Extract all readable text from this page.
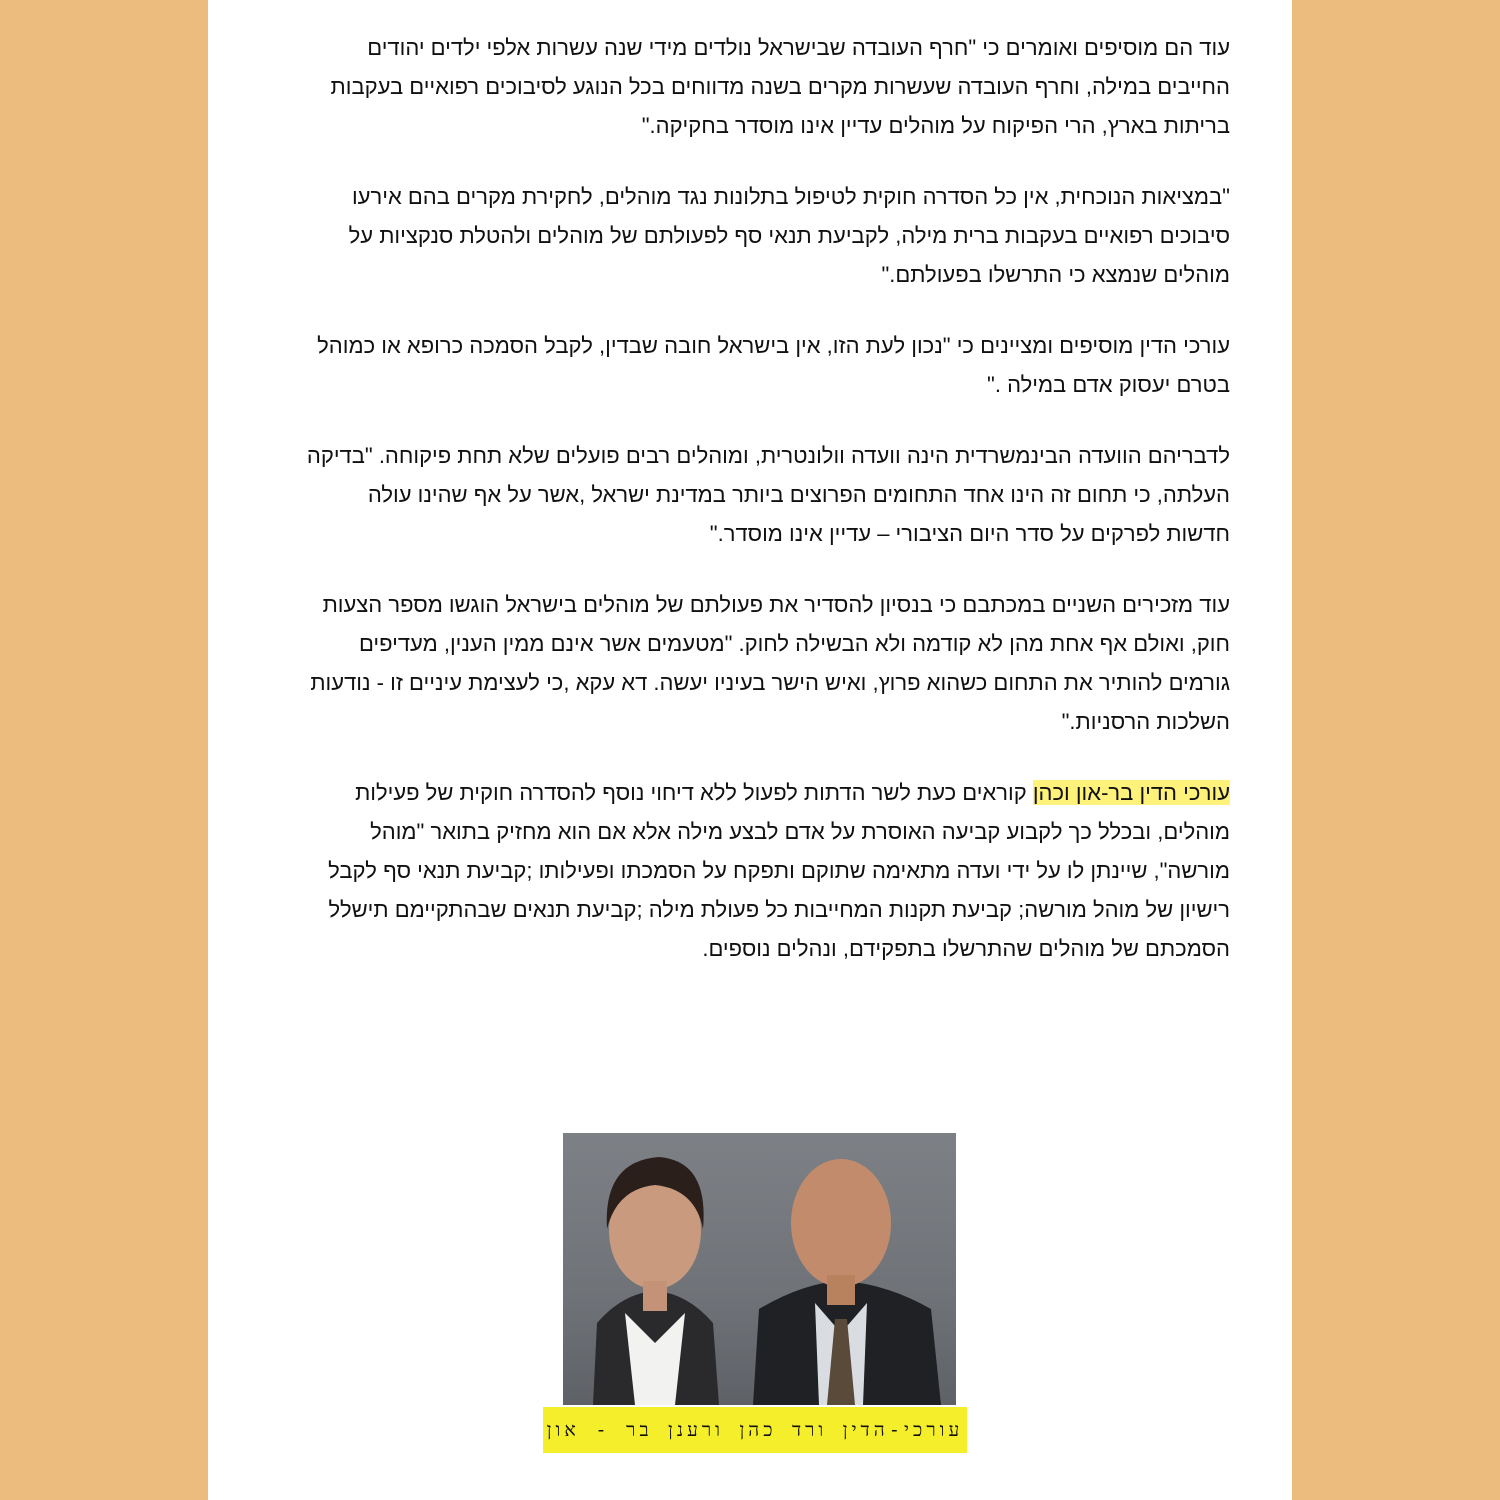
עוד הם מוסיפים ואומרים כי "חרף העובדה שבישראל נולדים מידי שנה עשרות אלפי ילדים יהודים החייבים במילה, וחרף העובדה שעשרות מקרים בשנה מדווחים בכל הנוגע לסיבוכים רפואיים בעקבות בריתות בארץ, הרי הפיקוח על מוהלים עדיין אינו מוסדר בחקיקה."

"במציאות הנוכחית, אין כל הסדרה חוקית לטיפול בתלונות נגד מוהלים, לחקירת מקרים בהם אירעו סיבוכים רפואיים בעקבות ברית מילה, לקביעת תנאי סף לפעולתם של מוהלים ולהטלת סנקציות על מוהלים שנמצא כי התרשלו בפעולתם."

עורכי הדין מוסיפים ומציינים כי "נכון לעת הזו, אין בישראל חובה שבדין, לקבל הסמכה כרופא או כמוהל בטרם יעסוק אדם במילה ."

לדבריהם הוועדה הבינמשרדית הינה וועדה וולונטרית, ומוהלים רבים פועלים שלא תחת פיקוחה. "בדיקה העלתה, כי תחום זה הינו אחד התחומים הפרוצים ביותר במדינת ישראל ,אשר על אף שהינו עולה חדשות לפרקים על סדר היום הציבורי – עדיין אינו מוסדר."

עוד מזכירים השניים במכתבם כי בנסיון להסדיר את פעולתם של מוהלים בישראל הוגשו מספר הצעות חוק, ואולם אף אחת מהן לא קודמה ולא הבשילה לחוק. "מטעמים אשר אינם ממין הענין, מעדיפים גורמים להותיר את התחום כשהוא פרוץ, ואיש הישר בעיניו יעשה. דא עקא ,כי לעצימת עיניים זו - נודעות השלכות הרסניות."

עורכי הדין בר-און וכהן קוראים כעת לשר הדתות לפעול ללא דיחוי נוסף להסדרה חוקית של פעילות מוהלים, ובכלל כך לקבוע קביעה האוסרת על אדם לבצע מילה אלא אם הוא מחזיק בתואר "מוהל מורשה", שיינתן לו על ידי ועדה מתאימה שתוקם ותפקח על הסמכתו ופעילותו ;קביעת תנאי סף לקבל רישיון של מוהל מורשה; קביעת תקנות המחייבות כל פעולת מילה ;קביעת תנאים שבהתקיימם תישלל הסמכתם של מוהלים שהתרשלו בתפקידם, ונהלים נוספים.

עורכי-הדין ורד כהן ורענן בר - און
